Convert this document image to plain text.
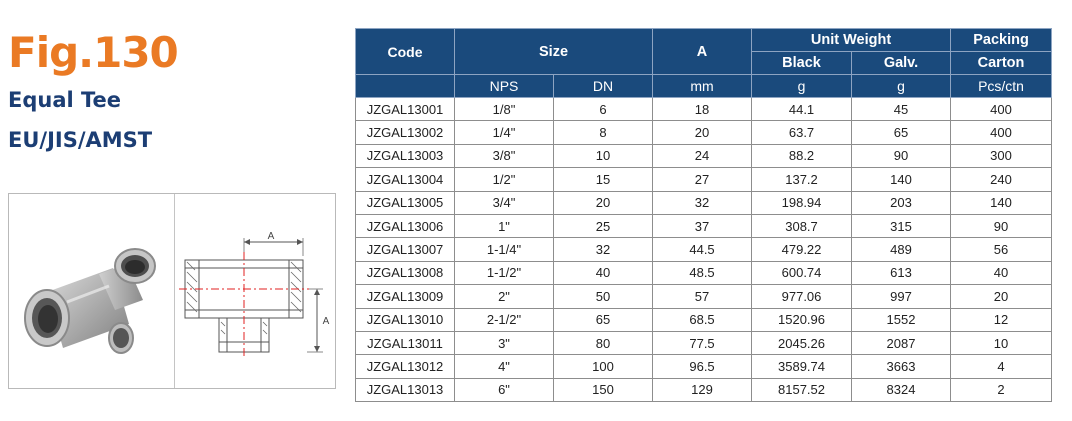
Fig.130
Equal Tee
EU/JIS/AMST
A
A
Code	Size		A	Unit Weight		Packing
				Black	Galv.	Carton
	NPS	DN	mm	g	g	Pcs/ctn
JZGAL13001	1/8"	6	18	44.1	45	400
JZGAL13002	1/4"	8	20	63.7	65	400
JZGAL13003	3/8"	10	24	88.2	90	300
JZGAL13004	1/2"	15	27	137.2	140	240
JZGAL13005	3/4"	20	32	198.94	203	140
JZGAL13006	1"	25	37	308.7	315	90
JZGAL13007	1-1/4"	32	44.5	479.22	489	56
JZGAL13008	1-1/2"	40	48.5	600.74	613	40
JZGAL13009	2"	50	57	977.06	997	20
JZGAL13010	2-1/2"	65	68.5	1520.96	1552	12
JZGAL13011	3"	80	77.5	2045.26	2087	10
JZGAL13012	4"	100	96.5	3589.74	3663	4
JZGAL13013	6"	150	129	8157.52	8324	2
